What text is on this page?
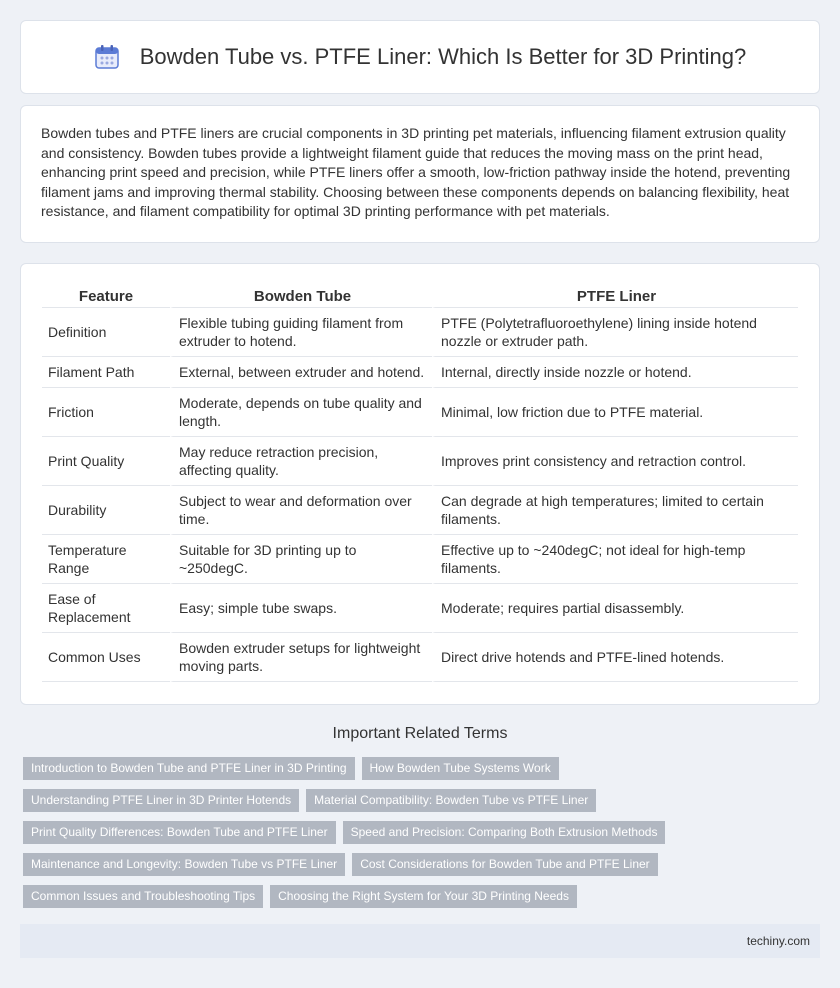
Bowden Tube vs. PTFE Liner: Which Is Better for 3D Printing?

Bowden tubes and PTFE liners are crucial components in 3D printing pet materials, influencing filament extrusion quality and consistency. Bowden tubes provide a lightweight filament guide that reduces the moving mass on the print head, enhancing print speed and precision, while PTFE liners offer a smooth, low-friction pathway inside the hotend, preventing filament jams and improving thermal stability. Choosing between these components depends on balancing flexibility, heat resistance, and filament compatibility for optimal 3D printing performance with pet materials.

Feature	Bowden Tube	PTFE Liner
Definition	Flexible tubing guiding filament from extruder to hotend.	PTFE (Polytetrafluoroethylene) lining inside hotend nozzle or extruder path.
Filament Path	External, between extruder and hotend.	Internal, directly inside nozzle or hotend.
Friction	Moderate, depends on tube quality and length.	Minimal, low friction due to PTFE material.
Print Quality	May reduce retraction precision, affecting quality.	Improves print consistency and retraction control.
Durability	Subject to wear and deformation over time.	Can degrade at high temperatures; limited to certain filaments.
Temperature Range	Suitable for 3D printing up to ~250degC.	Effective up to ~240degC; not ideal for high-temp filaments.
Ease of Replacement	Easy; simple tube swaps.	Moderate; requires partial disassembly.
Common Uses	Bowden extruder setups for lightweight moving parts.	Direct drive hotends and PTFE-lined hotends.
Important Related Terms
Introduction to Bowden Tube and PTFE Liner in 3D Printing	How Bowden Tube Systems Work
Understanding PTFE Liner in 3D Printer Hotends	Material Compatibility: Bowden Tube vs PTFE Liner
Print Quality Differences: Bowden Tube and PTFE Liner	Speed and Precision: Comparing Both Extrusion Methods
Maintenance and Longevity: Bowden Tube vs PTFE Liner	Cost Considerations for Bowden Tube and PTFE Liner
Common Issues and Troubleshooting Tips	Choosing the Right System for Your 3D Printing Needs
techiny.com
